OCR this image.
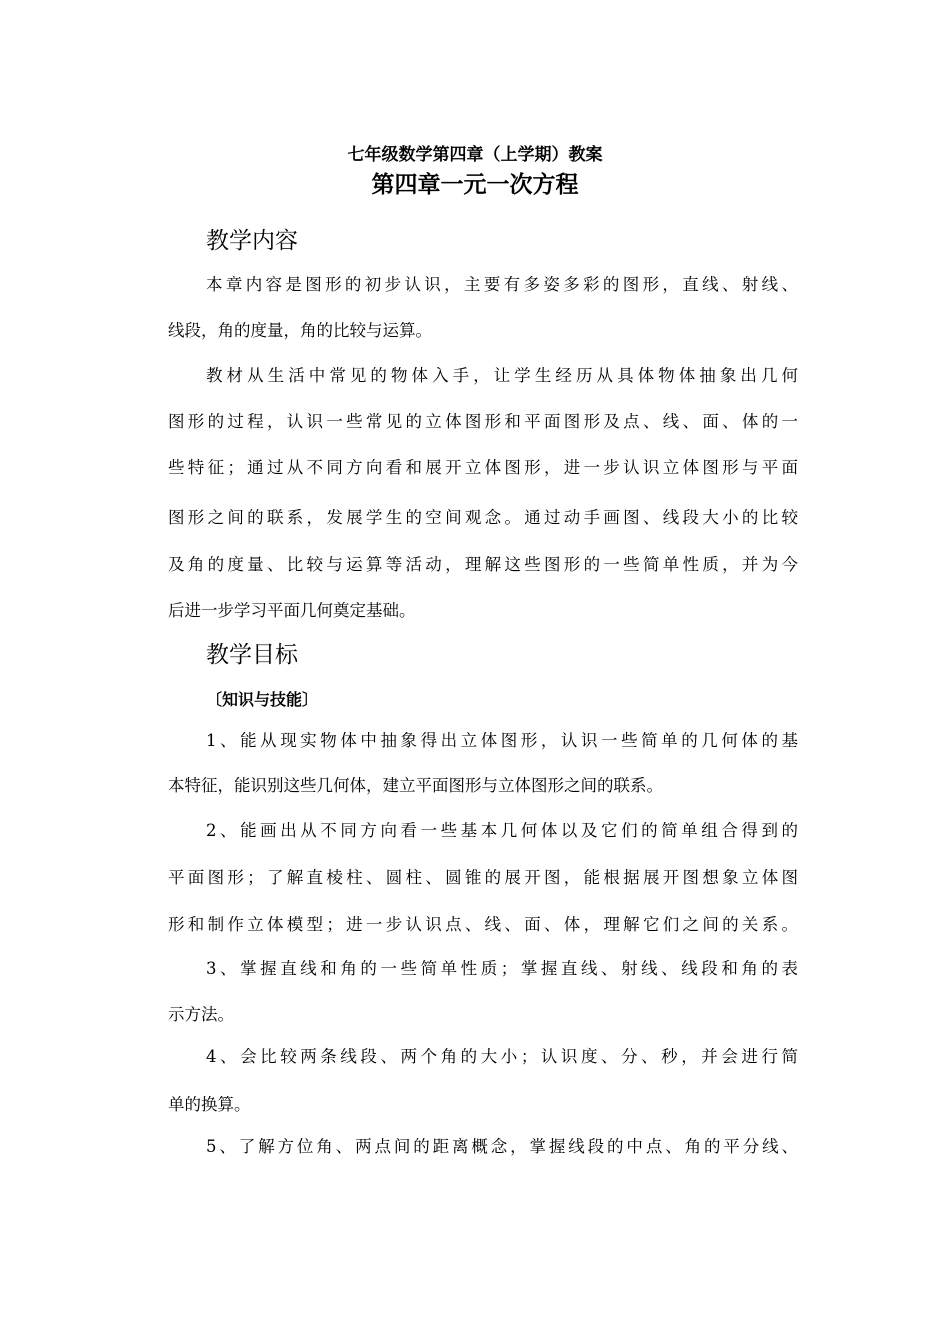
七年级数学第四章（上学期）教案
第四章一元一次方程
教学内容
本章内容是图形的初步认识，主要有多姿多彩的图形，直线、射线、
线段，角的度量，角的比较与运算。
教材从生活中常见的物体入手，让学生经历从具体物体抽象出几何
图形的过程，认识一些常见的立体图形和平面图形及点、线、面、体的一
些特征；通过从不同方向看和展开立体图形，进一步认识立体图形与平面
图形之间的联系，发展学生的空间观念。通过动手画图、线段大小的比较
及角的度量、比较与运算等活动，理解这些图形的一些简单性质，并为今
后进一步学习平面几何奠定基础。
教学目标
〔知识与技能〕
1、能从现实物体中抽象得出立体图形，认识一些简单的几何体的基
本特征，能识别这些几何体，建立平面图形与立体图形之间的联系。
2、能画出从不同方向看一些基本几何体以及它们的简单组合得到的
平面图形；了解直棱柱、圆柱、圆锥的展开图，能根据展开图想象立体图
形和制作立体模型；进一步认识点、线、面、体，理解它们之间的关系。
3、掌握直线和角的一些简单性质；掌握直线、射线、线段和角的表
示方法。
4、会比较两条线段、两个角的大小；认识度、分、秒，并会进行简
单的换算。
5、了解方位角、两点间的距离概念，掌握线段的中点、角的平分线、
